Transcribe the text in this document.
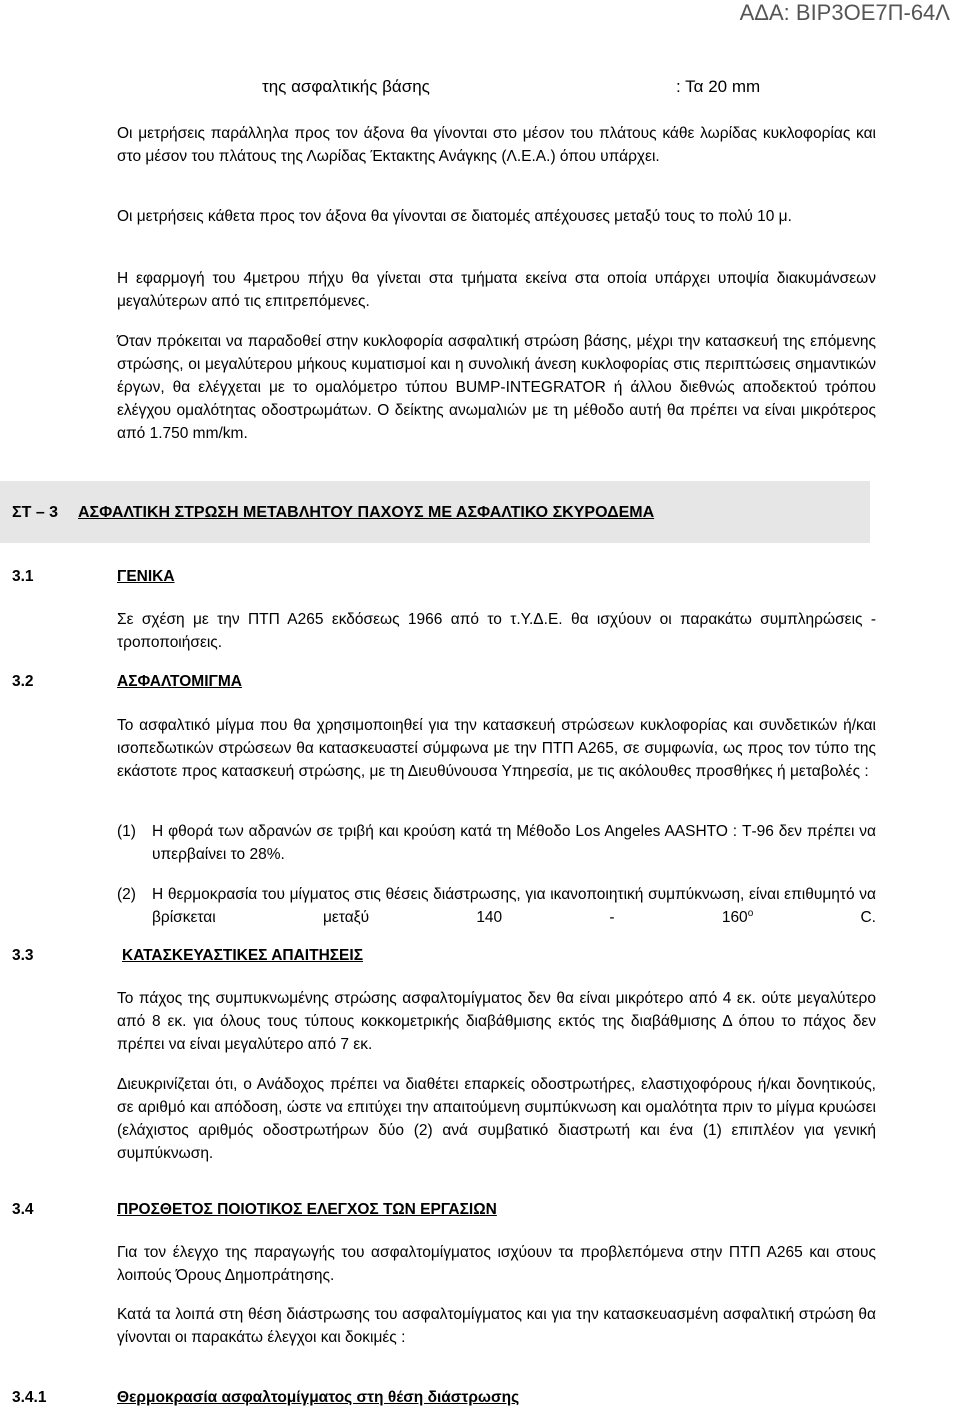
ΑΔΑ: ΒΙΡ3ΟΕ7Π-64Λ
της ασφαλτικής βάσης	: Τα 20 mm

Οι μετρήσεις παράλληλα προς τον άξονα θα γίνονται στο μέσον του πλάτους κάθε λωρίδας κυκλοφορίας και στο μέσον του πλάτους της Λωρίδας Έκτακτης Ανάγκης (Λ.Ε.Α.) όπου υπάρχει.

Οι μετρήσεις κάθετα προς τον άξονα θα γίνονται σε διατομές απέχουσες μεταξύ τους το πολύ 10 μ.

Η εφαρμογή του 4μετρου πήχυ θα γίνεται στα τμήματα εκείνα στα οποία υπάρχει υποψία διακυμάνσεων μεγαλύτερων από τις επιτρεπόμενες.

Όταν πρόκειται να παραδοθεί στην κυκλοφορία ασφαλτική στρώση βάσης, μέχρι την κατασκευή της επόμενης στρώσης, οι μεγαλύτερου μήκους κυματισμοί και η συνολική άνεση κυκλοφορίας στις περιπτώσεις σημαντικών έργων, θα ελέγχεται με το ομαλόμετρο τύπου BUMP-INTEGRATOR ή άλλου διεθνώς αποδεκτού τρόπου ελέγχου ομαλότητας οδοστρωμάτων. Ο δείκτης ανωμαλιών με τη μέθοδο αυτή θα πρέπει να είναι μικρότερος από 1.750 mm/km.

ΣΤ – 3 ΑΣΦΑΛΤΙΚΗ ΣΤΡΩΣΗ ΜΕΤΑΒΛΗΤΟΥ ΠΑΧΟΥΣ ΜΕ ΑΣΦΑΛΤΙΚΟ ΣΚΥΡΟΔΕΜΑ
3.1	ΓΕΝΙΚΑ

Σε σχέση με την ΠΤΠ Α265 εκδόσεως 1966 από το τ.Υ.Δ.Ε. θα ισχύουν οι παρακάτω συμπληρώσεις - τροποποιήσεις.

3.2	ΑΣΦΑΛΤΟΜΙΓΜΑ

Το ασφαλτικό μίγμα που θα χρησιμοποιηθεί για την κατασκευή στρώσεων κυκλοφορίας και συνδετικών ή/και ισοπεδωτικών στρώσεων θα κατασκευαστεί σύμφωνα με την ΠΤΠ Α265, σε συμφωνία, ως προς τον τύπο της εκάστοτε προς κατασκευή στρώσης, με τη Διευθύνουσα Υπηρεσία, με τις ακόλουθες προσθήκες ή μεταβολές :

(1) Η φθορά των αδρανών σε τριβή και κρούση κατά τη Μέθοδο Los Angeles AASHTO : Τ-96 δεν πρέπει να υπερβαίνει το 28%.

(2) Η θερμοκρασία του μίγματος στις θέσεις διάστρωσης, για ικανοποιητική συμπύκνωση, είναι επιθυμητό να βρίσκεται μεταξύ $140 - 160^o$ C.

3.3	ΚΑΤΑΣΚΕΥΑΣΤΙΚΕΣ ΑΠΑΙΤΗΣΕΙΣ

Το πάχος της συμπυκνωμένης στρώσης ασφαλτομίγματος δεν θα είναι μικρότερο από 4 εκ. ούτε μεγαλύτερο από 8 εκ. για όλους τους τύπους κοκκομετρικής διαβάθμισης εκτός της διαβάθμισης Δ όπου το πάχος δεν πρέπει να είναι μεγαλύτερο από 7 εκ.

Διευκρινίζεται ότι, ο Ανάδοχος πρέπει να διαθέτει επαρκείς οδοστρωτήρες, ελαστιχοφόρους ή/και δονητικούς, σε αριθμό και απόδοση, ώστε να επιτύχει την απαιτούμενη συμπύκνωση και ομαλότητα πριν το μίγμα κρυώσει (ελάχιστος αριθμός οδοστρωτήρων δύο (2) ανά συμβατικό διαστρωτή και ένα (1) επιπλέον για γενική συμπύκνωση.

3.4	ΠΡΟΣΘΕΤΟΣ ΠΟΙΟΤΙΚΟΣ ΕΛΕΓΧΟΣ ΤΩΝ ΕΡΓΑΣΙΩΝ

Για τον έλεγχο της παραγωγής του ασφαλτομίγματος ισχύουν τα προβλεπόμενα στην ΠΤΠ Α265 και στους λοιπούς Όρους Δημοπράτησης.

Κατά τα λοιπά στη θέση διάστρωσης του ασφαλτομίγματος και για την κατασκευασμένη ασφαλτική στρώση θα γίνονται οι παρακάτω έλεγχοι και δοκιμές :

3.4.1	Θερμοκρασία ασφαλτομίγματος στη θέση διάστρωσης
